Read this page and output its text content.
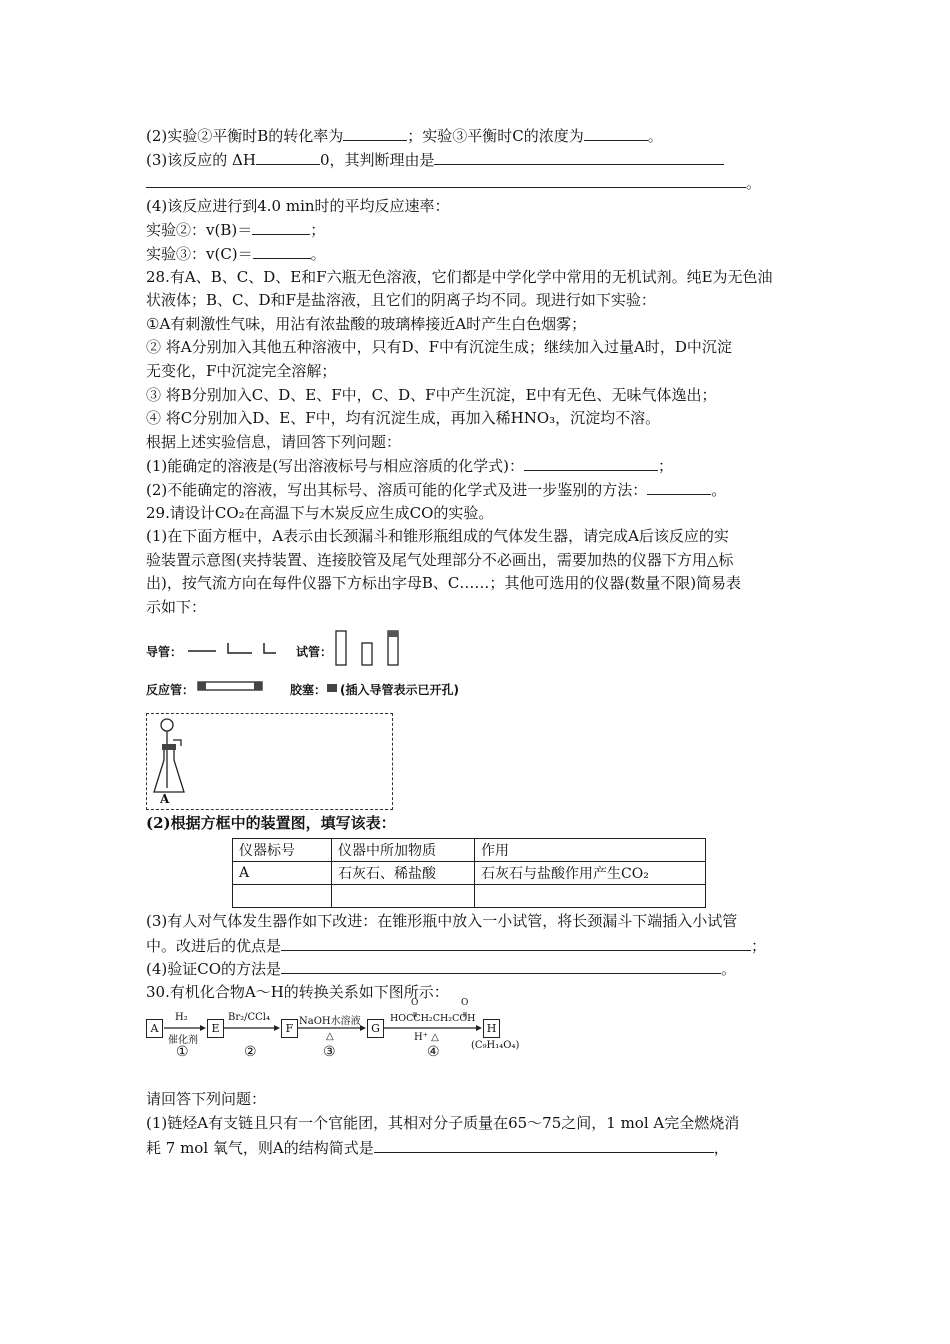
(2)实验②平衡时B的转化率为	；实验③平衡时C的浓度为	。
(3)该反应的 ΔH	0，其判断理由是
。
(4)该反应进行到4.0 min时的平均反应速率：
实验②：v(B)＝	；
实验③：v(C)＝	。
28.有A、B、C、D、E和F六瓶无色溶液，它们都是中学化学中常用的无机试剂。纯E为无色油
状液体；B、C、D和F是盐溶液，且它们的阴离子均不同。现进行如下实验：
①A有刺激性气味，用沾有浓盐酸的玻璃棒接近A时产生白色烟雾；
② 将A分别加入其他五种溶液中，只有D、F中有沉淀生成；继续加入过量A时，D中沉淀
无变化，F中沉淀完全溶解；
③ 将B分别加入C、D、E、F中，C、D、F中产生沉淀，E中有无色、无味气体逸出；
④ 将C分别加入D、E、F中，均有沉淀生成，再加入稀HNO₃，沉淀均不溶。
根据上述实验信息，请回答下列问题：
(1)能确定的溶液是(写出溶液标号与相应溶质的化学式)：	；
(2)不能确定的溶液，写出其标号、溶质可能的化学式及进一步鉴别的方法：	。
29.请设计CO₂在高温下与木炭反应生成CO的实验。
(1)在下面方框中，A表示由长颈漏斗和锥形瓶组成的气体发生器，请完成A后该反应的实
验装置示意图(夹持装置、连接胶管及尾气处理部分不必画出，需要加热的仪器下方用△标
出)，按气流方向在每件仪器下方标出字母B、C……；其他可选用的仪器(数量不限)简易表
示如下：
导管：	试管：
反应管：	胶塞： (插入导管表示已开孔)
A
(2)根据方框中的装置图，填写该表：
仪器标号	仪器中所加物质	作用
A	石灰石、稀盐酸	石灰石与盐酸作用产生CO₂

(3)有人对气体发生器作如下改进：在锥形瓶中放入一小试管，将长颈漏斗下端插入小试管
中。改进后的优点是	；
(4)验证CO的方法是	。
30.有机化合物A～H的转换关系如下图所示：
A	E	F	G	H
H₂
催化剂
①
Br₂/CCl₄
②
NaOH水溶液
△
③
O	O
HOCCH₂CH₂COH
H⁺ △
④	(C₉H₁₄O₄)
请回答下列问题：
(1)链烃A有支链且只有一个官能团，其相对分子质量在65～75之间，1 mol A完全燃烧消
耗 7 mol 氧气，则A的结构简式是	，
